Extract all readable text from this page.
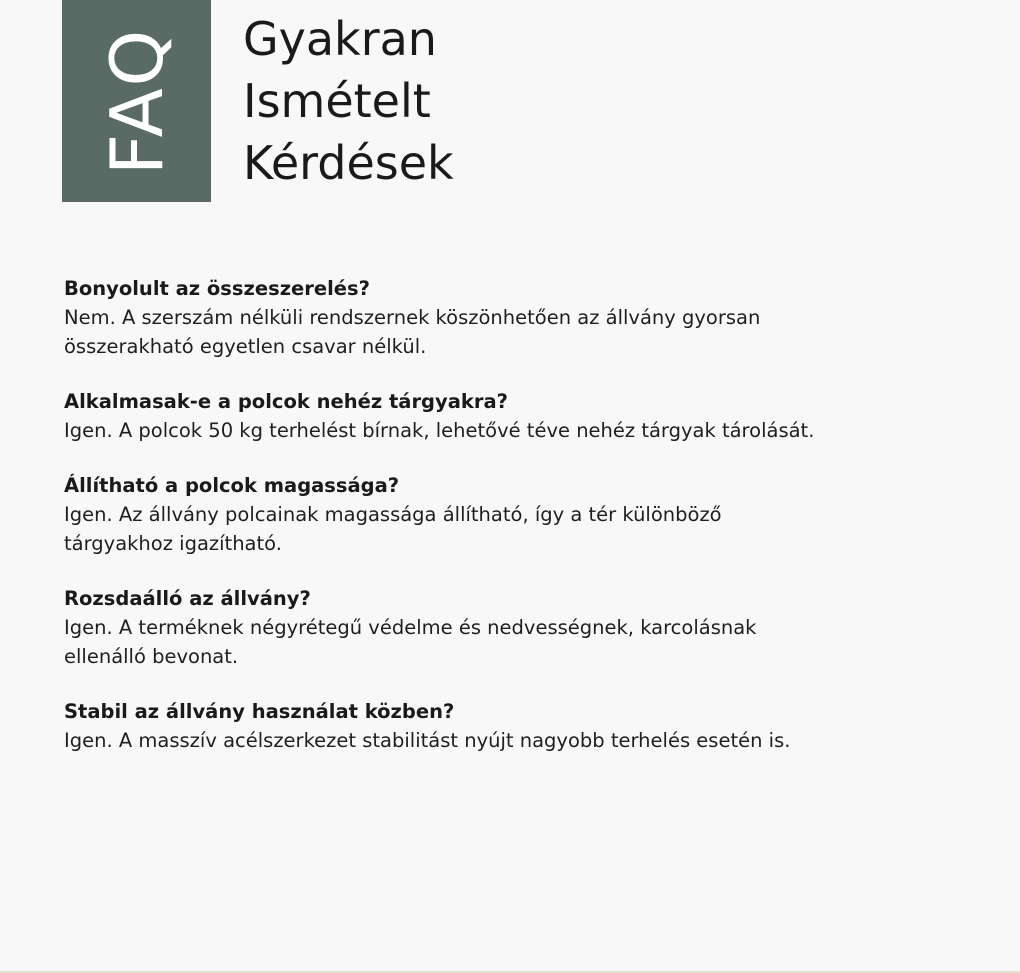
FAQ Gyakran
Ismételt
Kérdések

Bonyolult az összeszerelés?

Nem. A szerszám nélküli rendszernek köszönhetően az állvány gyorsan
összerakható egyetlen csavar nélkül.

Alkalmasak-e a polcok nehéz tárgyakra?

Igen. A polcok 50 kg terhelést bírnak, lehetővé téve nehéz tárgyak tárolását.

Állítható a polcok magassága?

Igen. Az állvány polcainak magassága állítható, így a tér különböző
tárgyakhoz igazítható.

Rozsdaálló az állvány?

Igen. A terméknek négyrétegű védelme és nedvességnek, karcolásnak
ellenálló bevonat.

Stabil az állvány használat közben?

Igen. A masszív acélszerkezet stabilitást nyújt nagyobb terhelés esetén is.
